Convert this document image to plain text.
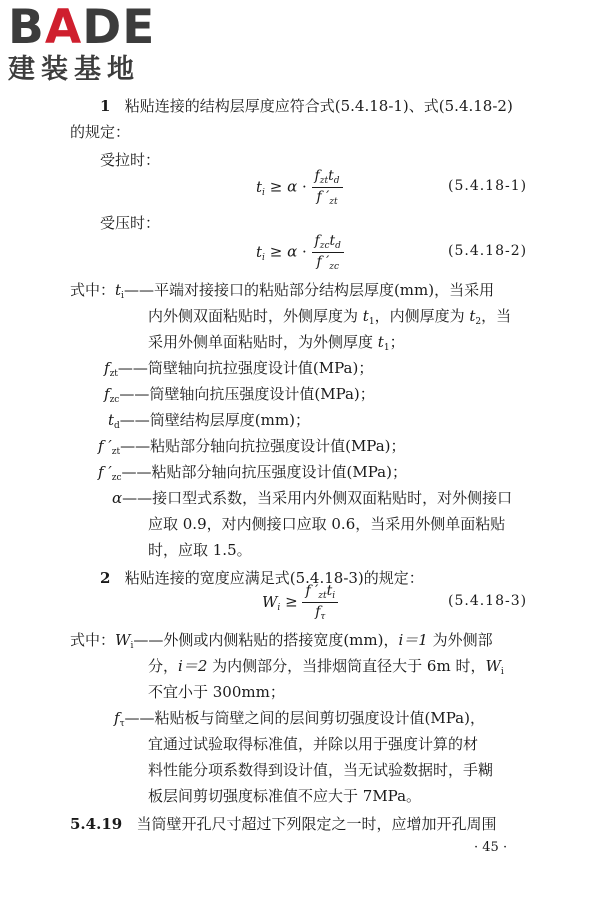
BADE
建装基地
1 粘贴连接的结构层厚度应符合式(5.4.18-1)、式(5.4.18-2)
的规定：
受拉时：
$t_i \ge \alpha \cdot \frac{f_{zt}t_d}{f '_{zt}}$	(5.4.18-1)
受压时：
$t_i \ge \alpha \cdot \frac{f_{zc}t_d}{f '_{zc}}$	(5.4.18-2)
式中：$t_i——$平端对接接口的粘贴部分结构层厚度(mm)，当采用
内外侧双面粘贴时，外侧厚度为 $t_1$，内侧厚度为 $t_2$，当
采用外侧单面粘贴时，为外侧厚度 $t_1$；
$f_{zt}——$筒壁轴向抗拉强度设计值(MPa)；
$f_{zc}——$筒壁轴向抗压强度设计值(MPa)；
$t_d——$筒壁结构层厚度(mm)；
f $'_{zt}——$粘贴部分轴向抗拉强度设计值(MPa)；
f $'_{zc}——$粘贴部分轴向抗压强度设计值(MPa)；
α——接口型式系数，当采用内外侧双面粘贴时，对外侧接口
应取 0.9，对内侧接口应取 0.6，当采用外侧单面粘贴
时，应取 1.5。
2 粘贴连接的宽度应满足式(5.4.18-3)的规定：
$W_i \ge \frac{f '_{zt}t_i}{f_\tau}$	(5.4.18-3)
式中：$W_i——$外侧或内侧粘贴的搭接宽度(mm)，i＝1 为外侧部
分，i＝2 为内侧部分，当排烟筒直径大于 6m 时，$W_i$
不宜小于 300mm；
$f_\tau——$粘贴板与筒壁之间的层间剪切强度设计值(MPa)，
宜通过试验取得标准值，并除以用于强度计算的材
料性能分项系数得到设计值，当无试验数据时，手糊
板层间剪切强度标准值不应大于 7MPa。
5.4.19 当筒壁开孔尺寸超过下列限定之一时，应增加开孔周围
· 45 ·
